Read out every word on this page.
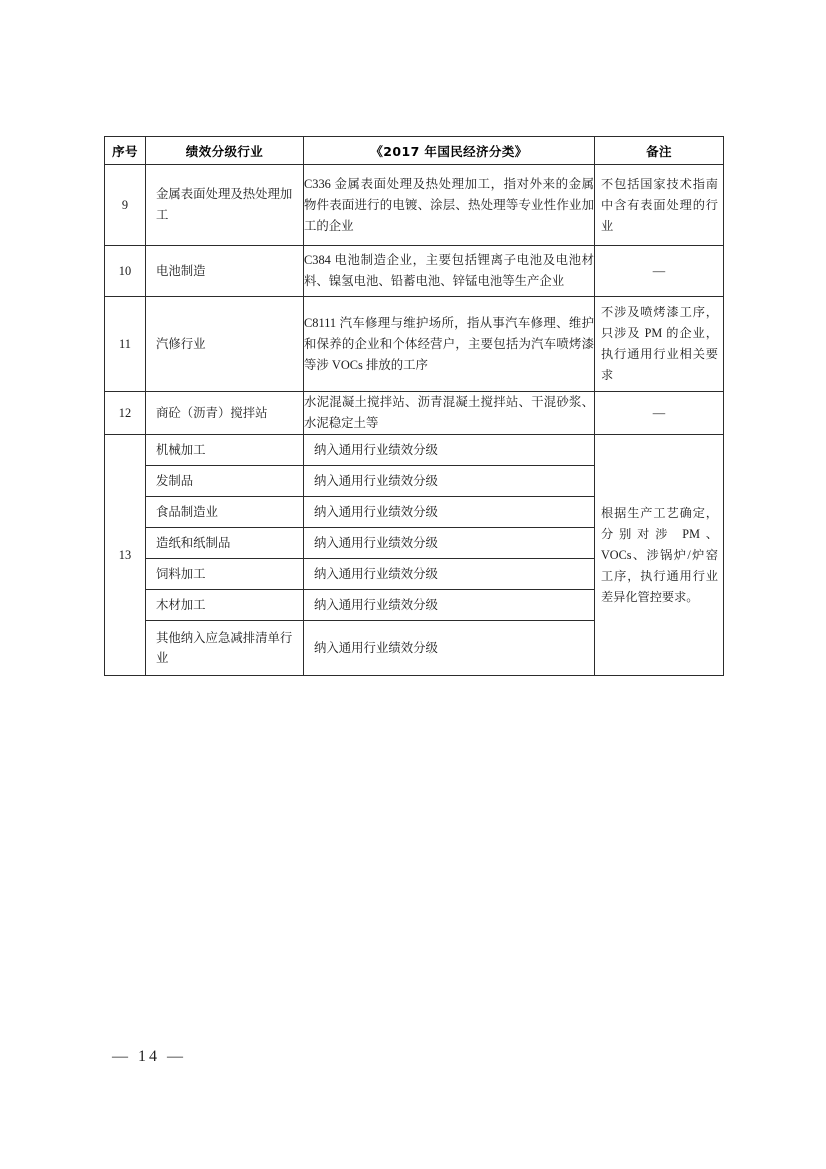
序号	绩效分级行业	《2017 年国民经济分类》	备注
9	金属表面处理及热处理加工	C336 金属表面处理及热处理加工，指对外来的金属物件表面进行的电镀、涂层、热处理等专业性作业加工的企业	不包括国家技术指南中含有表面处理的行业
10	电池制造	C384 电池制造企业，主要包括锂离子电池及电池材料、镍氢电池、铅蓄电池、锌锰电池等生产企业	—
11	汽修行业	C8111 汽车修理与维护场所，指从事汽车修理、维护和保养的企业和个体经营户，主要包括为汽车喷烤漆等涉 VOCs 排放的工序	不涉及喷烤漆工序，只涉及 PM 的企业，执行通用行业相关要求
12	商砼（沥青）搅拌站	水泥混凝土搅拌站、沥青混凝土搅拌站、干混砂浆、水泥稳定土等	—
13	机械加工	纳入通用行业绩效分级	根据生产工艺确定，分别对涉 PM、VOCs、涉锅炉/炉窑工序，执行通用行业差异化管控要求。
	发制品	纳入通用行业绩效分级	
	食品制造业	纳入通用行业绩效分级	
	造纸和纸制品	纳入通用行业绩效分级	
	饲料加工	纳入通用行业绩效分级	
	木材加工	纳入通用行业绩效分级	
	其他纳入应急减排清单行业	纳入通用行业绩效分级	
— 14 —
